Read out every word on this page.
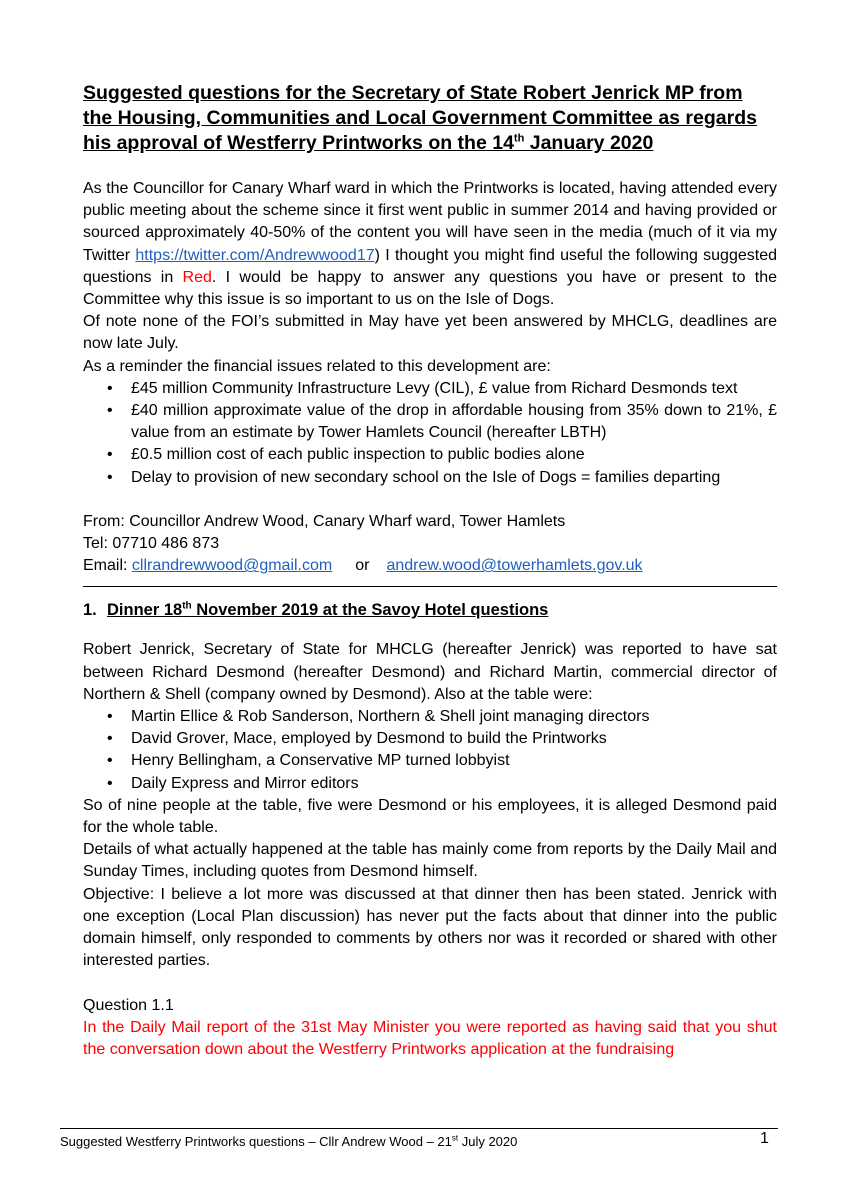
Suggested questions for the Secretary of State Robert Jenrick MP from the Housing, Communities and Local Government Committee as regards his approval of Westferry Printworks on the 14th January 2020

As the Councillor for Canary Wharf ward in which the Printworks is located, having attended every public meeting about the scheme since it first went public in summer 2014 and having provided or sourced approximately 40-50% of the content you will have seen in the media (much of it via my Twitter https://twitter.com/Andrewwood17) I thought you might find useful the following suggested questions in Red. I would be happy to answer any questions you have or present to the Committee why this issue is so important to us on the Isle of Dogs.

Of note none of the FOI’s submitted in May have yet been answered by MHCLG, deadlines are now late July.

As a reminder the financial issues related to this development are:

• £45 million Community Infrastructure Levy (CIL), £ value from Richard Desmonds text
• £40 million approximate value of the drop in affordable housing from 35% down to 21%, £ value from an estimate by Tower Hamlets Council (hereafter LBTH)
• £0.5 million cost of each public inspection to public bodies alone
• Delay to provision of new secondary school on the Isle of Dogs = families departing

From: Councillor Andrew Wood, Canary Wharf ward, Tower Hamlets

Tel: 07710 486 873

Email: cllrandrewwood@gmail.com or andrew.wood@towerhamlets.gov.uk

1. Dinner 18th November 2019 at the Savoy Hotel questions

Robert Jenrick, Secretary of State for MHCLG (hereafter Jenrick) was reported to have sat between Richard Desmond (hereafter Desmond) and Richard Martin, commercial director of Northern & Shell (company owned by Desmond). Also at the table were:

• Martin Ellice & Rob Sanderson, Northern & Shell joint managing directors
• David Grover, Mace, employed by Desmond to build the Printworks
• Henry Bellingham, a Conservative MP turned lobbyist
• Daily Express and Mirror editors

So of nine people at the table, five were Desmond or his employees, it is alleged Desmond paid for the whole table.

Details of what actually happened at the table has mainly come from reports by the Daily Mail and Sunday Times, including quotes from Desmond himself.

Objective: I believe a lot more was discussed at that dinner then has been stated. Jenrick with one exception (Local Plan discussion) has never put the facts about that dinner into the public domain himself, only responded to comments by others nor was it recorded or shared with other interested parties.

Question 1.1

In the Daily Mail report of the 31st May Minister you were reported as having said that you shut the conversation down about the Westferry Printworks application at the fundraising

Suggested Westferry Printworks questions – Cllr Andrew Wood – 21st July 2020	1
